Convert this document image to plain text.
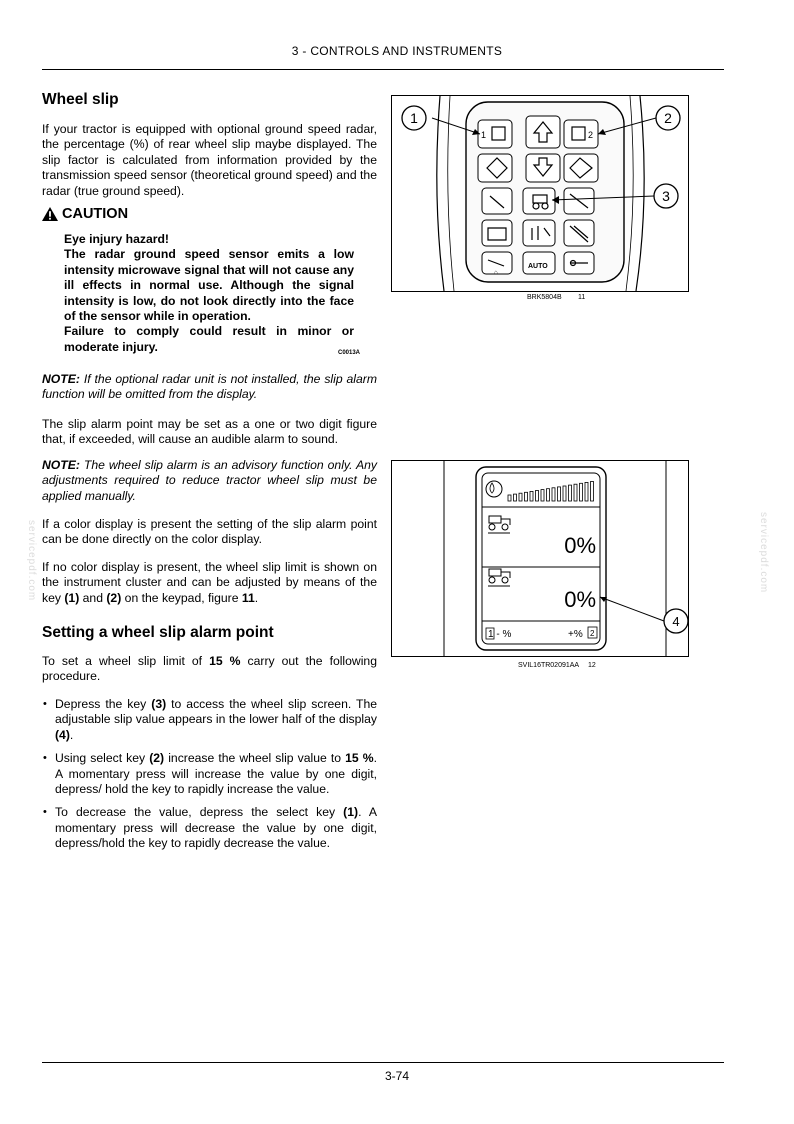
3 - CONTROLS AND INSTRUMENTS
servicepdf.com	servicepdf.com
Wheel slip
If your tractor is equipped with optional ground speed radar, the percentage (%) of rear wheel slip maybe displayed. The slip factor is calculated from information provided by the transmission speed sensor (theoretical ground speed) and the radar (true ground speed).
CAUTION
Eye injury hazard!
The radar ground speed sensor emits a low intensity microwave signal that will not cause any ill effects in normal use. Although the signal intensity is low, do not look directly into the face of the sensor while in operation.
Failure to comply could result in minor or moderate injury.	C0013A
NOTE: If the optional radar unit is not installed, the slip alarm function will be omitted from the display.
The slip alarm point may be set as a one or two digit figure that, if exceeded, will cause an audible alarm to sound.
NOTE: The wheel slip alarm is an advisory function only. Any adjustments required to reduce tractor wheel slip must be applied manually.
If a color display is present the setting of the slip alarm point can be done directly on the color display.
If no color display is present, the wheel slip limit is shown on the instrument cluster and can be adjusted by means of the key (1) and (2) on the keypad, figure 11.
Setting a wheel slip alarm point
To set a wheel slip limit of 15 % carry out the following procedure.
• Depress the key (3) to access the wheel slip screen. The adjustable slip value appears in the lower half of the display (4).
• Using select key (2) increase the wheel slip value to 15 %. A momentary press will increase the value by one digit, depress/ hold the key to rapidly increase the value.
• To decrease the value, depress the select key (1). A momentary press will decrease the value by one digit, depress/hold the key to rapidly decrease the value.
⌂
AUTO
1	2
1	2
3
BRK5804B 11
0%
0%
1 - %	+% 2
4
SVIL16TR02091AA 12
3-74
